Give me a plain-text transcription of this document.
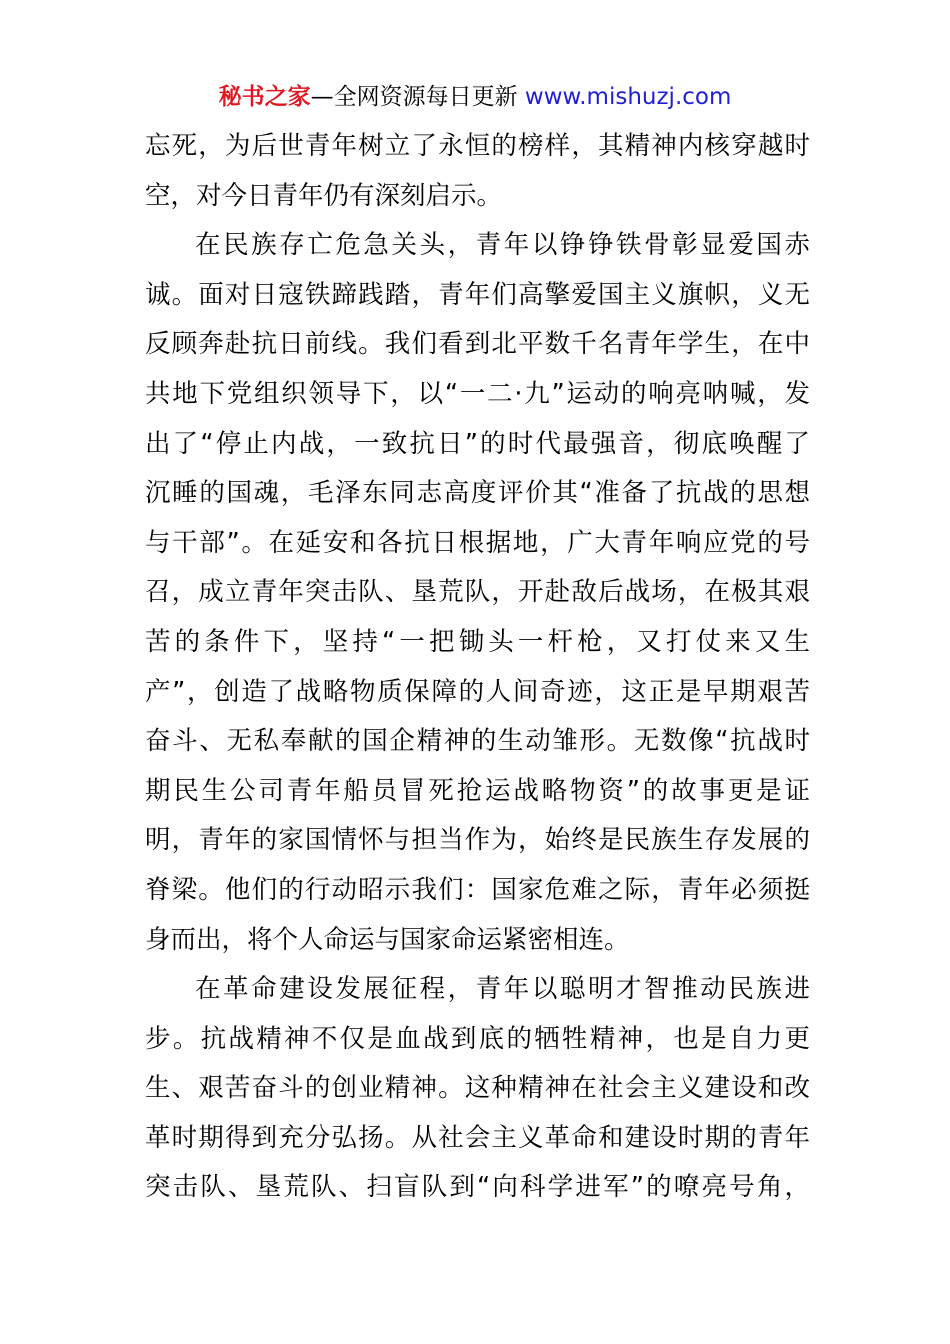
秘书之家—全网资源每日更新 www.mishuzj.com
忘死，为后世青年树立了永恒的榜样，其精神内核穿越时
空，对今日青年仍有深刻启示。
在民族存亡危急关头，青年以铮铮铁骨彰显爱国赤
诚。面对日寇铁蹄践踏，青年们高擎爱国主义旗帜，义无
反顾奔赴抗日前线。我们看到北平数千名青年学生，在中
共地下党组织领导下，以“一二·九”运动的响亮呐喊，发
出了“停止内战，一致抗日”的时代最强音，彻底唤醒了
沉睡的国魂，毛泽东同志高度评价其“准备了抗战的思想
与干部”。在延安和各抗日根据地，广大青年响应党的号
召，成立青年突击队、垦荒队，开赴敌后战场，在极其艰
苦的条件下，坚持“一把锄头一杆枪，又打仗来又生
产”，创造了战略物质保障的人间奇迹，这正是早期艰苦
奋斗、无私奉献的国企精神的生动雏形。无数像“抗战时
期民生公司青年船员冒死抢运战略物资”的故事更是证
明，青年的家国情怀与担当作为，始终是民族生存发展的
脊梁。他们的行动昭示我们：国家危难之际，青年必须挺
身而出，将个人命运与国家命运紧密相连。
在革命建设发展征程，青年以聪明才智推动民族进
步。抗战精神不仅是血战到底的牺牲精神，也是自力更
生、艰苦奋斗的创业精神。这种精神在社会主义建设和改
革时期得到充分弘扬。从社会主义革命和建设时期的青年
突击队、垦荒队、扫盲队到“向科学进军”的嘹亮号角，
